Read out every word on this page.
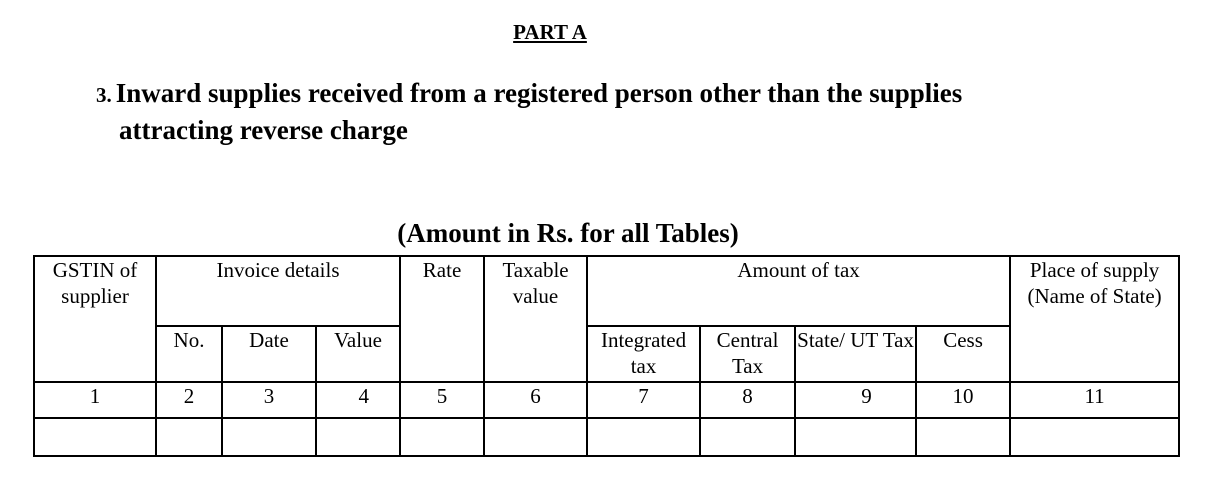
PART A
3. Inward supplies received from a registered person other than the supplies
attracting reverse charge
(Amount in Rs. for all Tables)
GSTIN of supplier	Invoice details			Rate	Taxable value	Amount of tax				Place of supply (Name of State)
	No.	Date	Value			Integrated tax	Central Tax	State/ UT Tax	Cess	
1	2	3	4	5	6	7	8	9	10	11
